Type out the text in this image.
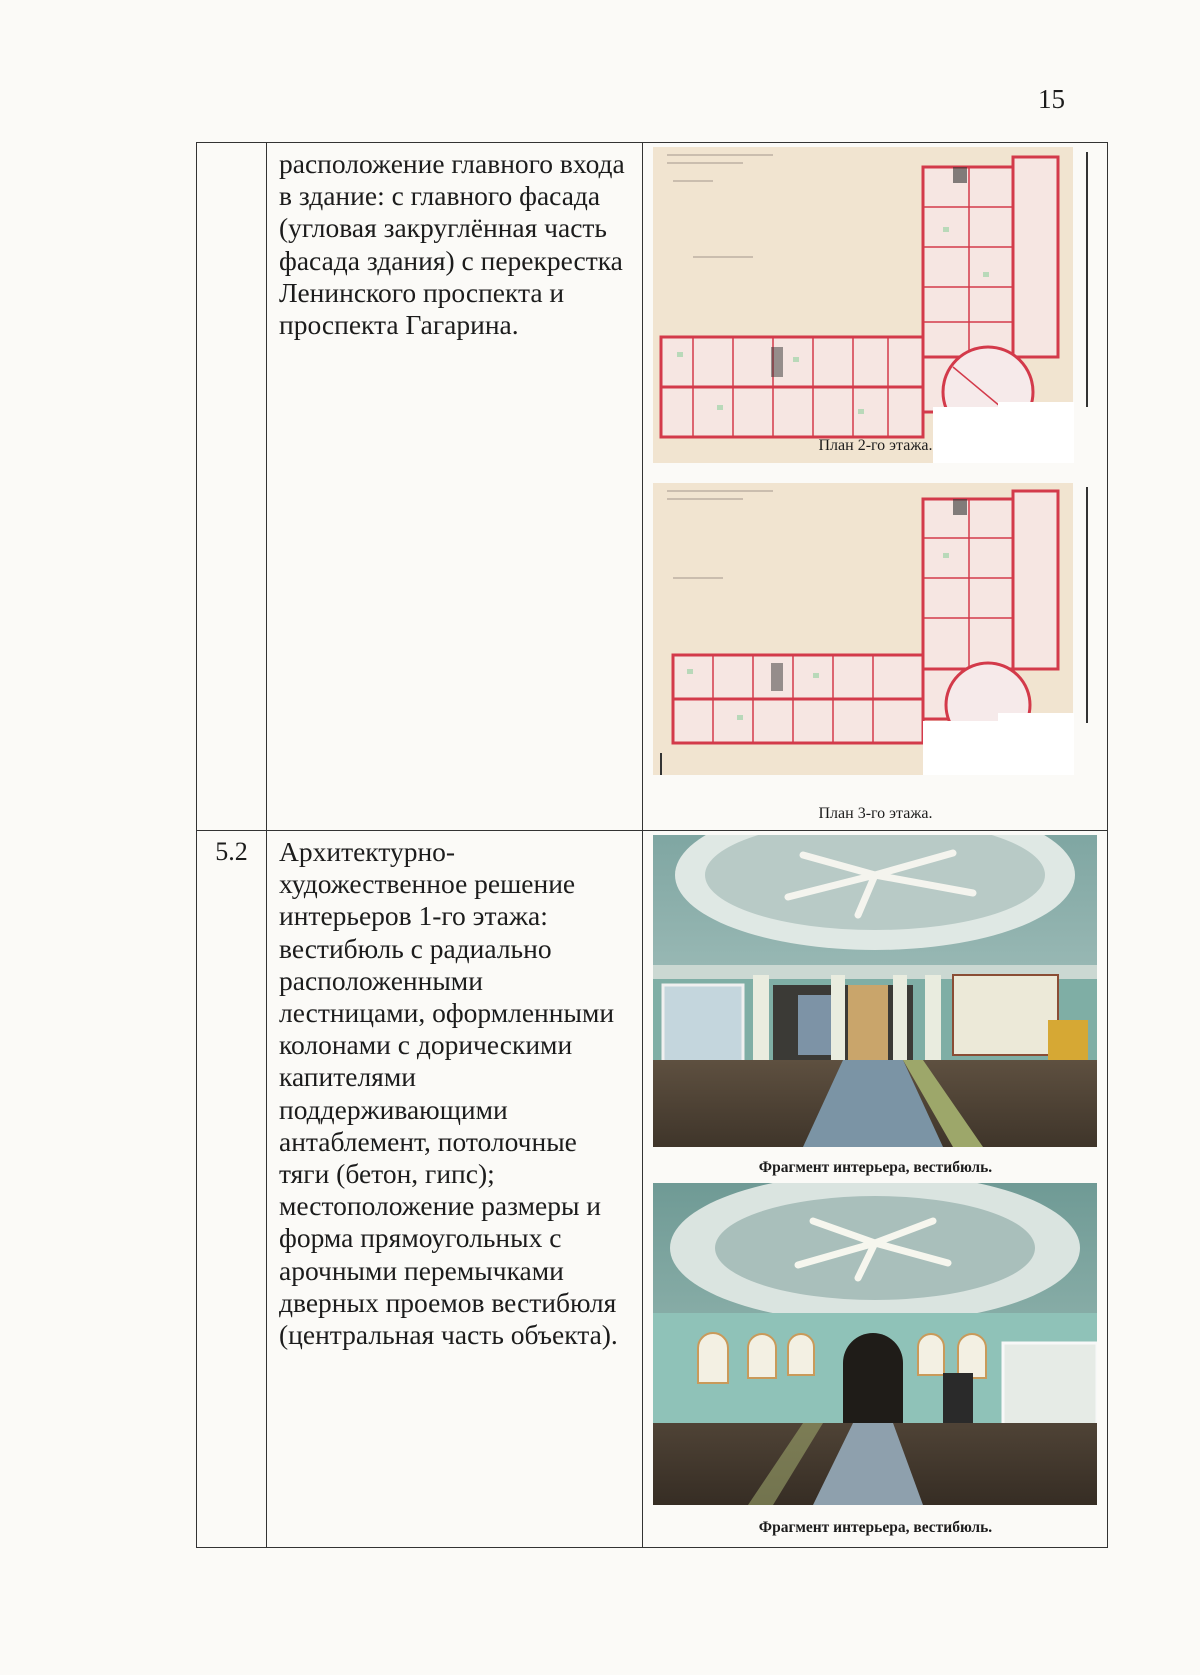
15
	расположение главного входа в здание: с главного фасада (угловая закруглённая часть фасада здания) с перекрестка Ленинского проспекта и проспекта Гагарина.	План 2-го этажа.
План 3-го этажа.

5.2	Архитектурно-художественное решение интерьеров 1-го этажа: вестибюль с радиально расположенными лестницами, оформленными колонами с дорическими капителями поддерживающими антаблемент, потолочные тяги (бетон, гипс); местоположение размеры и форма прямоугольных с арочными перемычками дверных проемов вестибюля (центральная часть объекта).	Фрагмент интерьера, вестибюль.
Фрагмент интерьера, вестибюль.
